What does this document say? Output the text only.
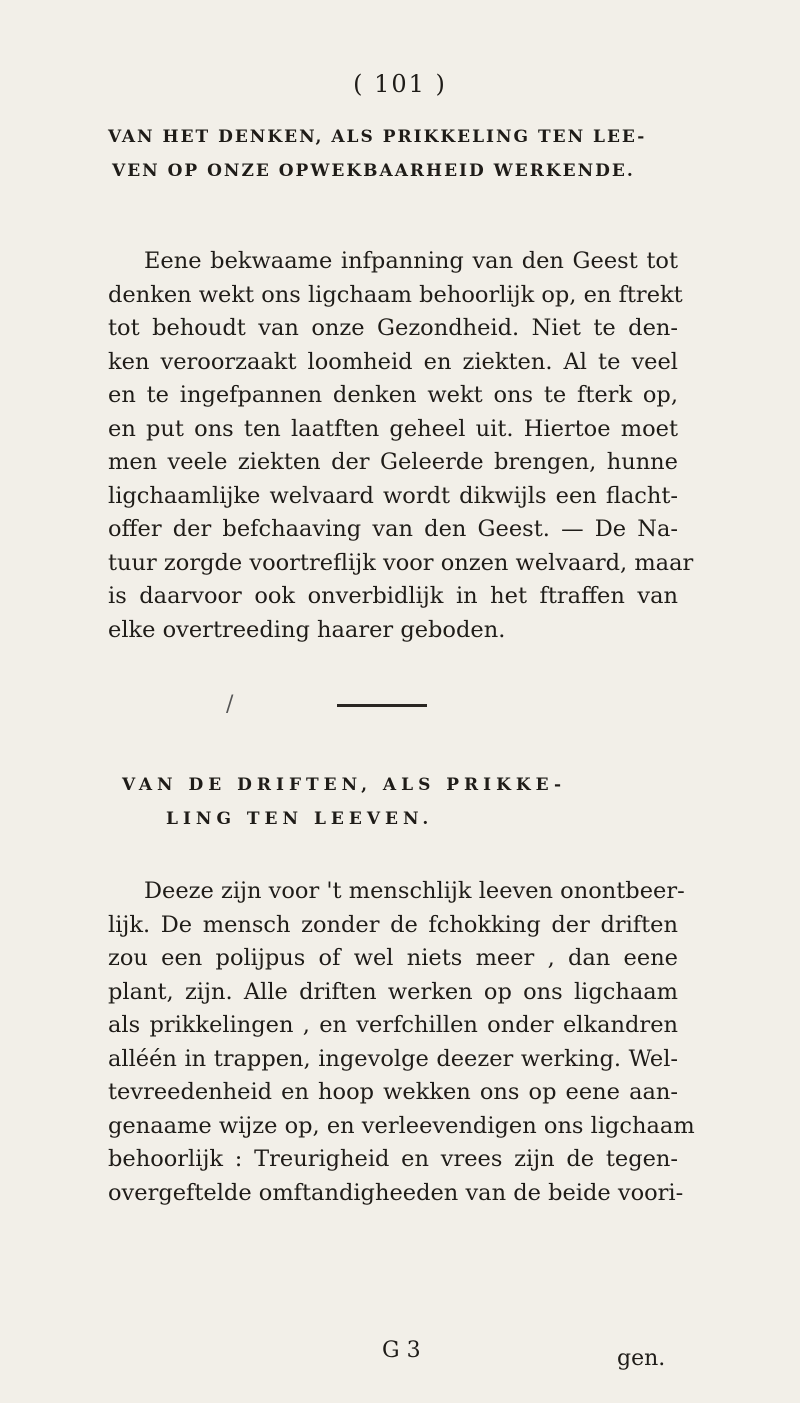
( 101 )
VAN HET DENKEN, ALS PRIKKELING TEN LEE-
VEN OP ONZE OPWEKBAARHEID WERKENDE.
Eene bekwaame infpanning van den Geest tot
denken wekt ons ligchaam behoorlijk op, en ftrekt
tot behoudt van onze Gezondheid. Niet te den-
ken veroorzaakt loomheid en ziekten. Al te veel
en te ingefpannen denken wekt ons te fterk op,
en put ons ten laatften geheel uit. Hiertoe moet
men veele ziekten der Geleerde brengen, hunne
ligchaamlijke welvaard wordt dikwijls een flacht-
offer der befchaaving van den Geest. — De Na-
tuur zorgde voortreflijk voor onzen welvaard, maar
is daarvoor ook onverbidlijk in het ftraffen van
elke overtreeding haarer geboden.
/
VAN DE DRIFTEN, ALS PRIKKE-
LING TEN LEEVEN.
Deeze zijn voor 't menschlijk leeven onontbeer-
lijk. De mensch zonder de fchokking der driften
zou een polijpus of wel niets meer , dan eene
plant, zijn. Alle driften werken op ons ligchaam
als prikkelingen , en verfchillen onder elkandren
alléén in trappen, ingevolge deezer werking. Wel-
tevreedenheid en hoop wekken ons op eene aan-
genaame wijze op, en verleevendigen ons ligchaam
behoorlijk : Treurigheid en vrees zijn de tegen-
overgeftelde omftandigheeden van de beide voori-
G 3	gen.
